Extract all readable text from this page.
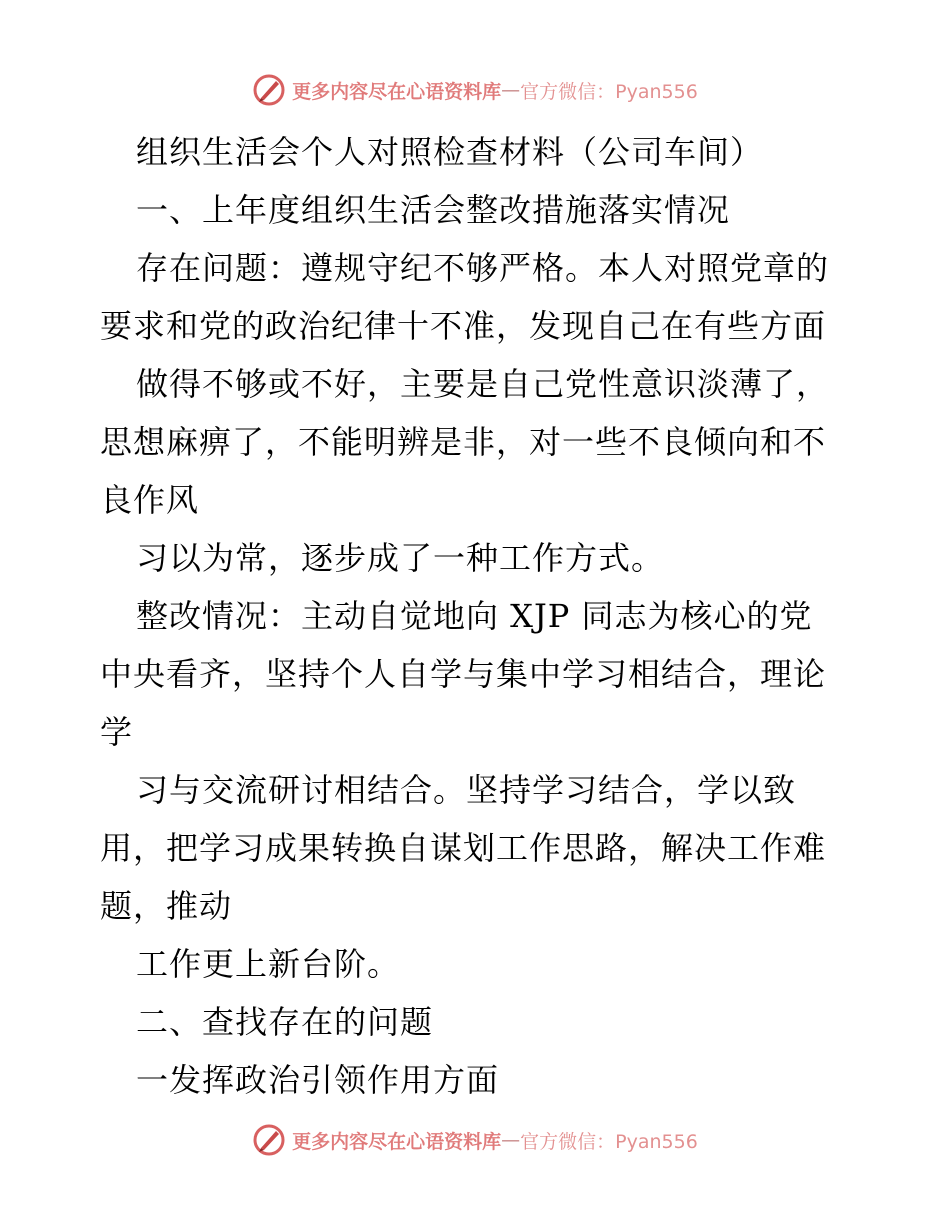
更多内容尽在心语资料库 — 官方微信：Pyan556
组织生活会个人对照检查材料（公司车间）
一、上年度组织生活会整改措施落实情况
存在问题：遵规守纪不够严格。本人对照党章的
要求和党的政治纪律十不准，发现自己在有些方面
做得不够或不好，主要是自己党性意识淡薄了，
思想麻痹了，不能明辨是非，对一些不良倾向和不
良作风
习以为常，逐步成了一种工作方式。
整改情况：主动自觉地向 XJP 同志为核心的党
中央看齐，坚持个人自学与集中学习相结合，理论
学
习与交流研讨相结合。坚持学习结合，学以致
用，把学习成果转换自谋划工作思路，解决工作难
题，推动
工作更上新台阶。
二、查找存在的问题
一发挥政治引领作用方面
更多内容尽在心语资料库 — 官方微信：Pyan556
